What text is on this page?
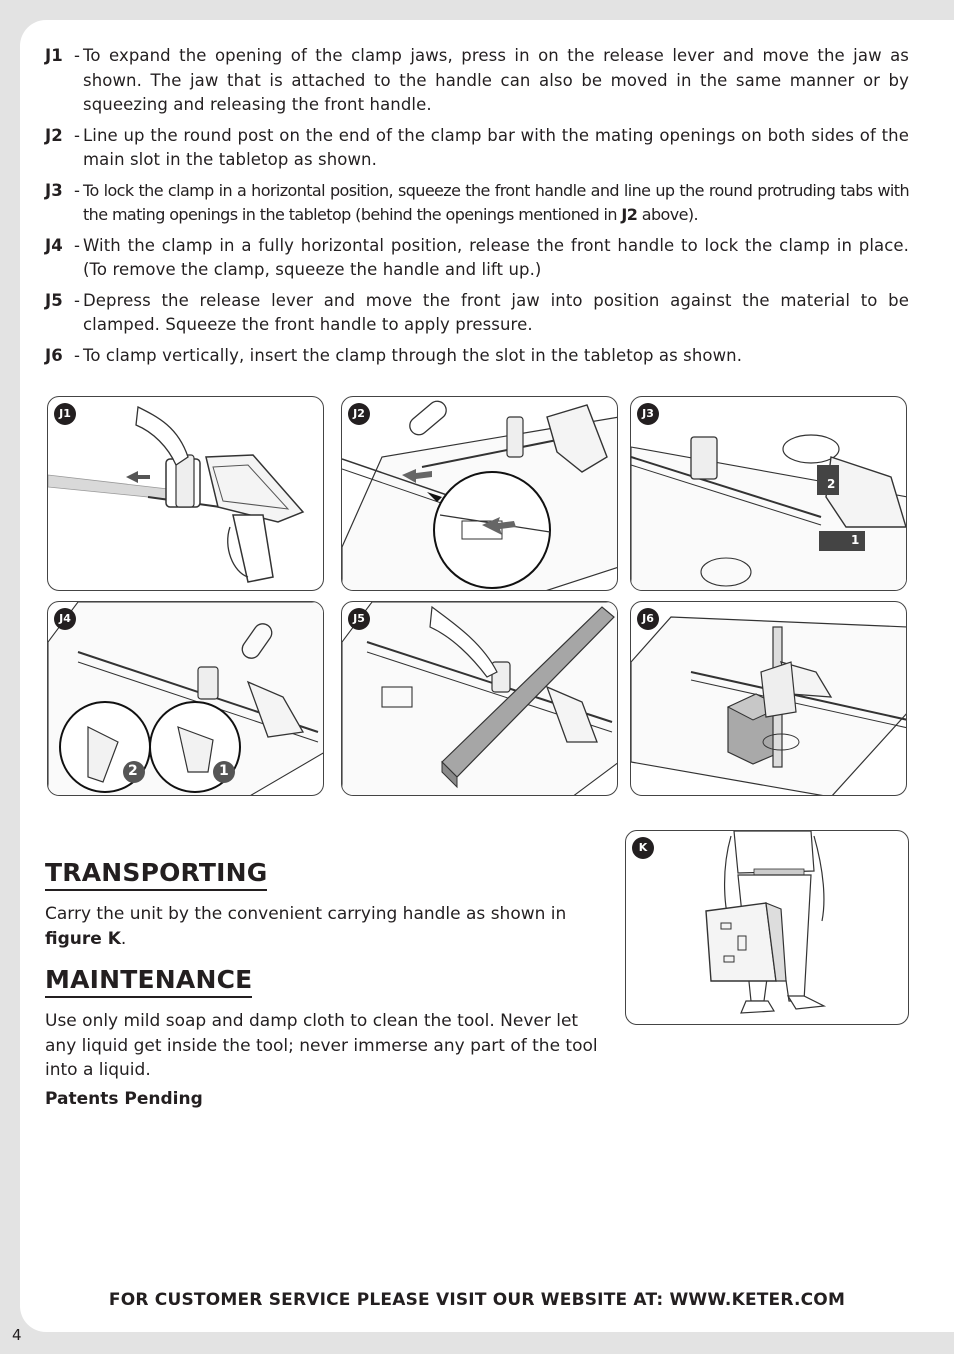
J1 - To expand the opening of the clamp jaws, press in on the release lever and move the jaw as shown. The jaw that is attached to the handle can also be moved in the same manner or by squeezing and releasing the front handle.
J2 - Line up the round post on the end of the clamp bar with the mating openings on both sides of the main slot in the tabletop as shown.
J3 - To lock the clamp in a horizontal position, squeeze the front handle and line up the round protruding tabs with the mating openings in the tabletop (behind the openings mentioned in J2 above).
J4 - With the clamp in a fully horizontal position, release the front handle to lock the clamp in place. (To remove the clamp, squeeze the handle and lift up.)
J5 - Depress the release lever and move the front jaw into position against the material to be clamped. Squeeze the front handle to apply pressure.
J6 - To clamp vertically, insert the clamp through the slot in the tabletop as shown.
J1	J2	J3
2
1
J4
2	1
J5	J6
TRANSPORTING

Carry the unit by the convenient carrying handle as shown in figure K.

MAINTENANCE

Use only mild soap and damp cloth to clean the tool. Never let any liquid get inside the tool; never immerse any part of the tool into a liquid.

Patents Pending
K
FOR CUSTOMER SERVICE PLEASE VISIT OUR WEBSITE AT: WWW.KETER.COM
4
